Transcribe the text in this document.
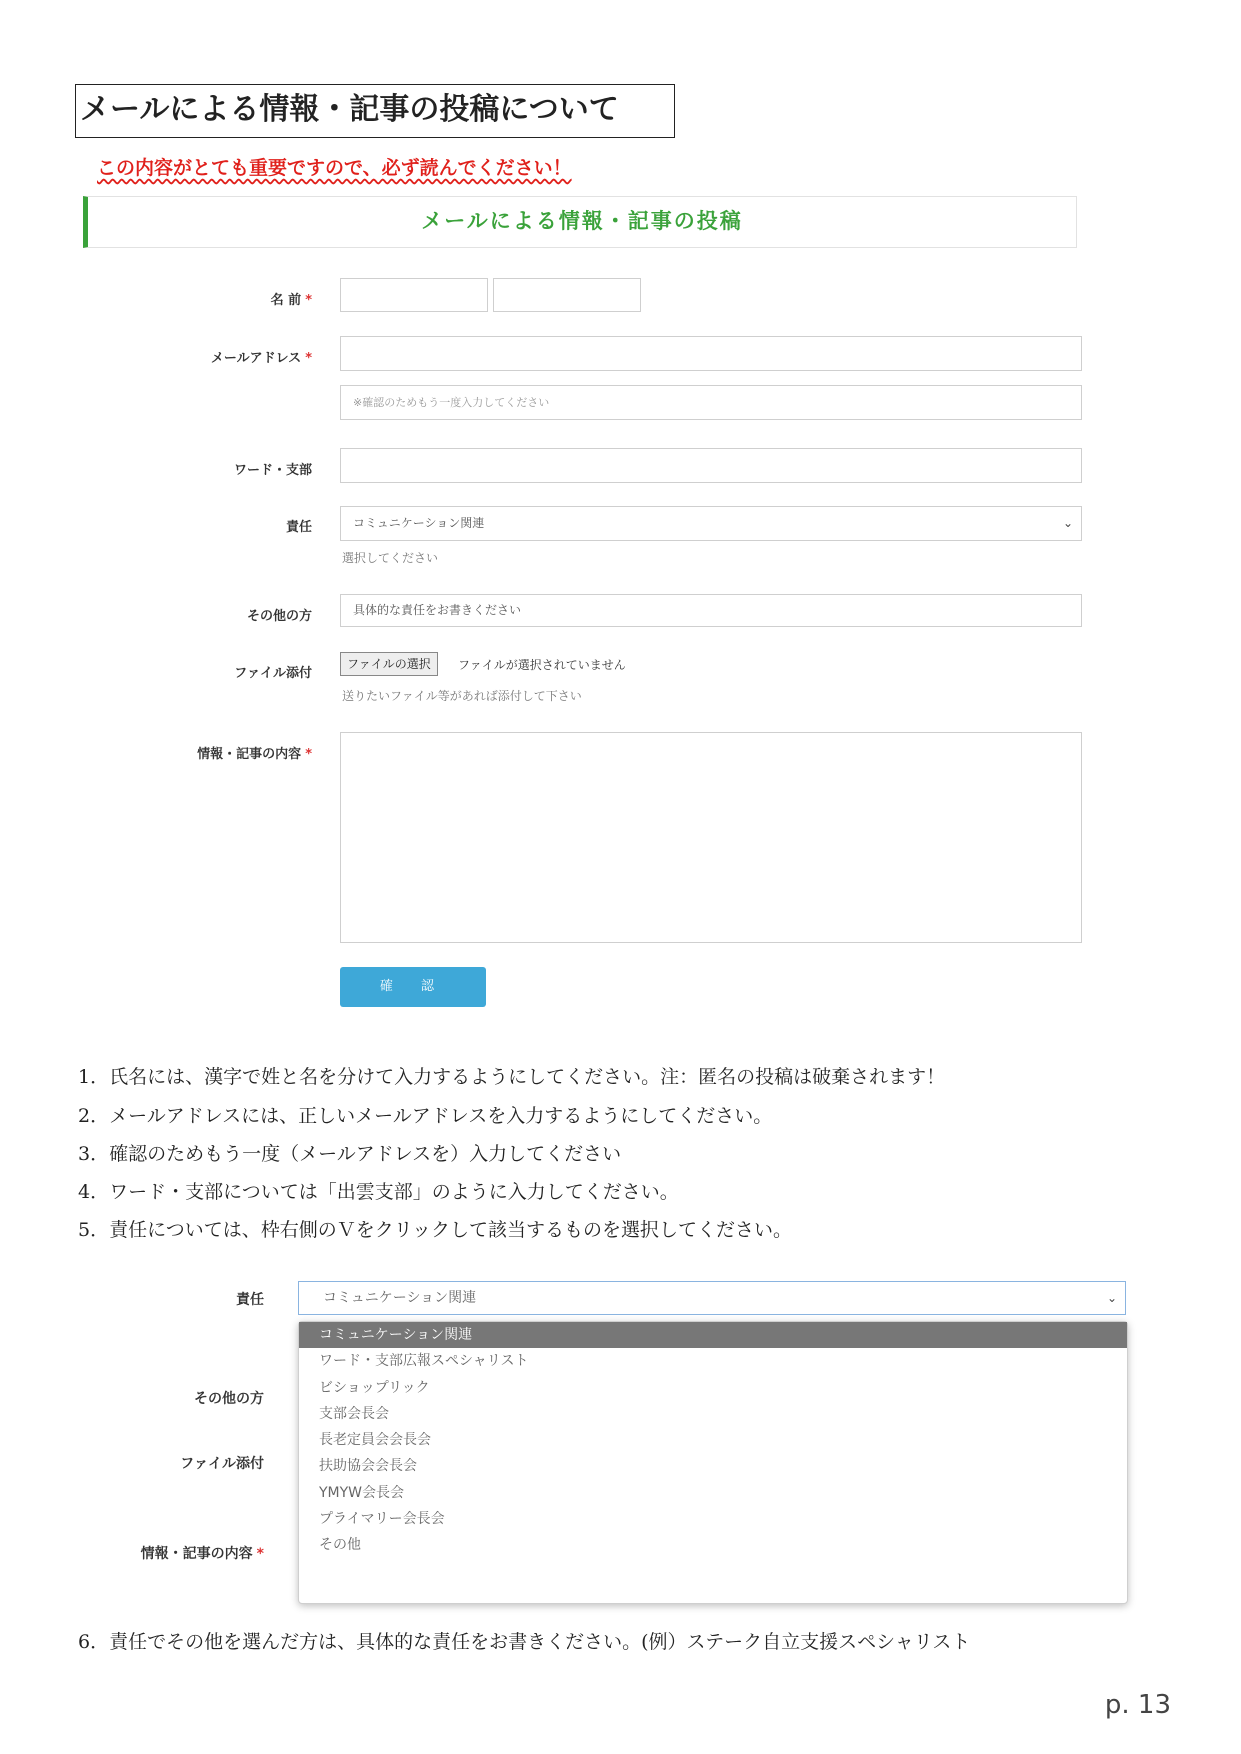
メールによる情報・記事の投稿について
この内容がとても重要ですので、必ず読んでください！
メールによる情報・記事の投稿
名 前 *
メールアドレス *
※確認のためもう一度入力してください
ワード・支部
責任	コミュニケーション関連	⌄
選択してください
その他の方	具体的な責任をお書きください
ファイル添付
ファイルの選択	ファイルが選択されていません
送りたいファイル等があれば添付して下さい
情報・記事の内容 *
確 認
1．氏名には、漢字で姓と名を分けて入力するようにしてください。注：匿名の投稿は破棄されます！
2．メールアドレスには、正しいメールアドレスを入力するようにしてください。
3．確認のためもう一度（メールアドレスを）入力してください
4．ワード・支部については「出雲支部」のように入力してください。
5．責任については、枠右側のＶをクリックして該当するものを選択してください。
責任	コミュニケーション関連	⌄
その他の方
ファイル添付
情報・記事の内容 *
コミュニケーション関連
ワード・支部広報スペシャリスト
ビショップリック
支部会長会
長老定員会会長会
扶助協会会長会
YMYW会長会
プライマリー会長会
その他
6．責任でその他を選んだ方は、具体的な責任をお書きください。(例）ステーク自立支援スペシャリスト
p. 13
